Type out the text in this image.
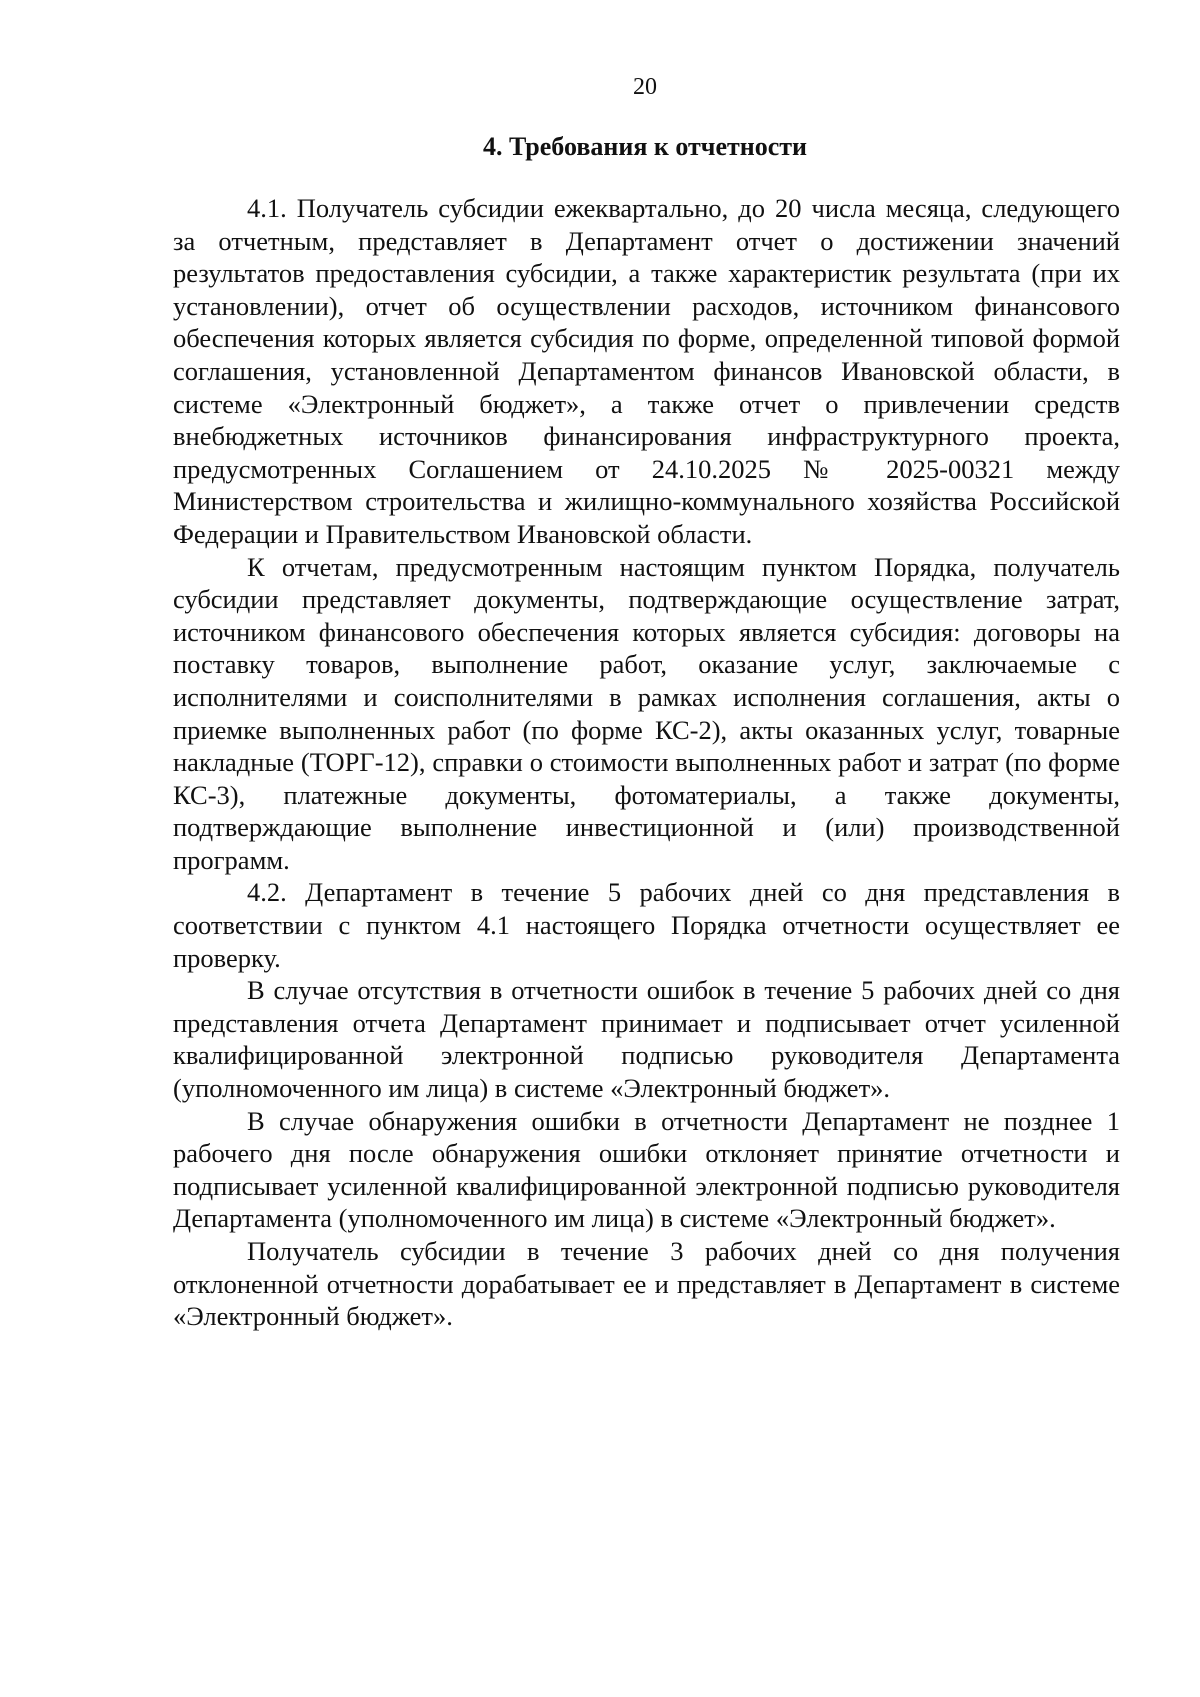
20
4. Требования к отчетности

4.1. Получатель субсидии ежеквартально, до 20 числа месяца, следующего за отчетным, представляет в Департамент отчет о достижении значений результатов предоставления субсидии, а также характеристик результата (при их установлении), отчет об осуществлении расходов, источником финансового обеспечения которых является субсидия по форме, определенной типовой формой соглашения, установленной Департаментом финансов Ивановской области, в системе «Электронный бюджет», а также отчет о привлечении средств внебюджетных источников финансирования инфраструктурного проекта, предусмотренных Соглашением от 24.10.2025 № 2025-00321 между Министерством строительства и жилищно-коммунального хозяйства Российской Федерации и Правительством Ивановской области.

К отчетам, предусмотренным настоящим пунктом Порядка, получатель субсидии представляет документы, подтверждающие осуществление затрат, источником финансового обеспечения которых является субсидия: договоры на поставку товаров, выполнение работ, оказание услуг, заключаемые с исполнителями и соисполнителями в рамках исполнения соглашения, акты о приемке выполненных работ (по форме КС-2), акты оказанных услуг, товарные накладные (ТОРГ-12), справки о стоимости выполненных работ и затрат (по форме КС-3), платежные документы, фотоматериалы, а также документы, подтверждающие выполнение инвестиционной и (или) производственной программ.

4.2. Департамент в течение 5 рабочих дней со дня представления в соответствии с пунктом 4.1 настоящего Порядка отчетности осуществляет ее проверку.

В случае отсутствия в отчетности ошибок в течение 5 рабочих дней со дня представления отчета Департамент принимает и подписывает отчет усиленной квалифицированной электронной подписью руководителя Департамента (уполномоченного им лица) в системе «Электронный бюджет».

В случае обнаружения ошибки в отчетности Департамент не позднее 1 рабочего дня после обнаружения ошибки отклоняет принятие отчетности и подписывает усиленной квалифицированной электронной подписью руководителя Департамента (уполномоченного им лица) в системе «Электронный бюджет».

Получатель субсидии в течение 3 рабочих дней со дня получения отклоненной отчетности дорабатывает ее и представляет в Департамент в системе «Электронный бюджет».
